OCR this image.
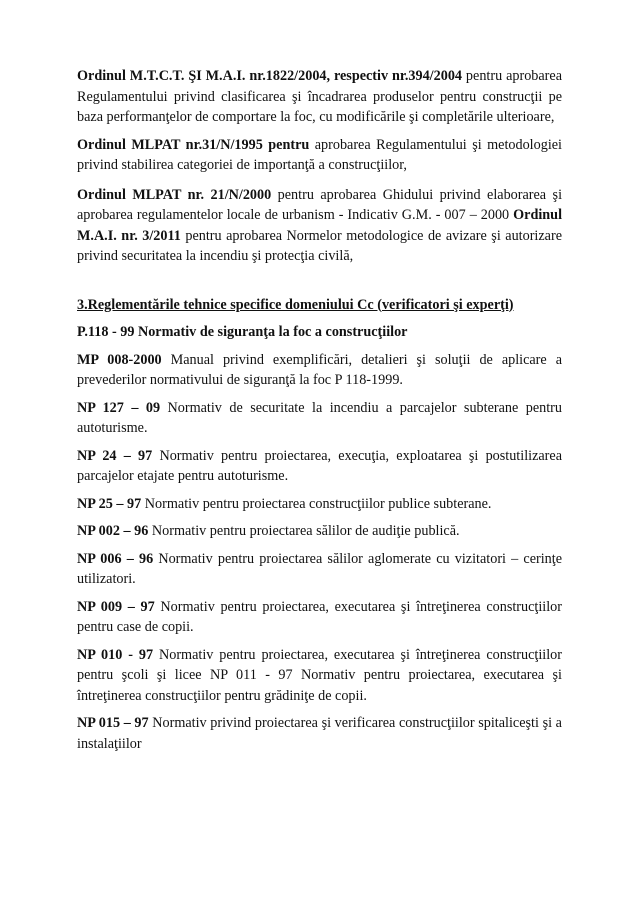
Ordinul M.T.C.T. ŞI M.A.I. nr.1822/2004, respectiv nr.394/2004 pentru aprobarea Regulamentului privind clasificarea şi încadrarea produselor pentru construcţii pe baza performanţelor de comportare la foc, cu modificările şi completările ulterioare,

Ordinul MLPAT nr.31/N/1995 pentru aprobarea Regulamentului şi metodologiei privind stabilirea categoriei de importanţă a construcţiilor,

Ordinul MLPAT nr. 21/N/2000 pentru aprobarea Ghidului privind elaborarea şi aprobarea regulamentelor locale de urbanism - Indicativ G.M. - 007 – 2000 Ordinul M.A.I. nr. 3/2011 pentru aprobarea Normelor metodologice de avizare şi autorizare privind securitatea la incendiu şi protecţia civilă,

3.Reglementările tehnice specifice domeniului Cc (verificatori şi experţi)

P.118 - 99 Normativ de siguranţa la foc a construcţiilor

MP 008-2000 Manual privind exemplificări, detalieri şi soluţii de aplicare a prevederilor normativului de siguranţă la foc P 118-1999.

NP 127 – 09 Normativ de securitate la incendiu a parcajelor subterane pentru autoturisme.

NP 24 – 97 Normativ pentru proiectarea, execuţia, exploatarea şi postutilizarea parcajelor etajate pentru autoturisme.

NP 25 – 97 Normativ pentru proiectarea construcţiilor publice subterane.

NP 002 – 96 Normativ pentru proiectarea sălilor de audiţie publică.

NP 006 – 96 Normativ pentru proiectarea sălilor aglomerate cu vizitatori – cerinţe utilizatori.

NP 009 – 97 Normativ pentru proiectarea, executarea şi întreţinerea construcţiilor pentru case de copii.

NP 010 - 97 Normativ pentru proiectarea, executarea şi întreţinerea construcţiilor pentru şcoli şi licee NP 011 - 97 Normativ pentru proiectarea, executarea şi întreţinerea construcţiilor pentru grădiniţe de copii.

NP 015 – 97 Normativ privind proiectarea şi verificarea construcţiilor spitaliceşti şi a instalaţiilor
